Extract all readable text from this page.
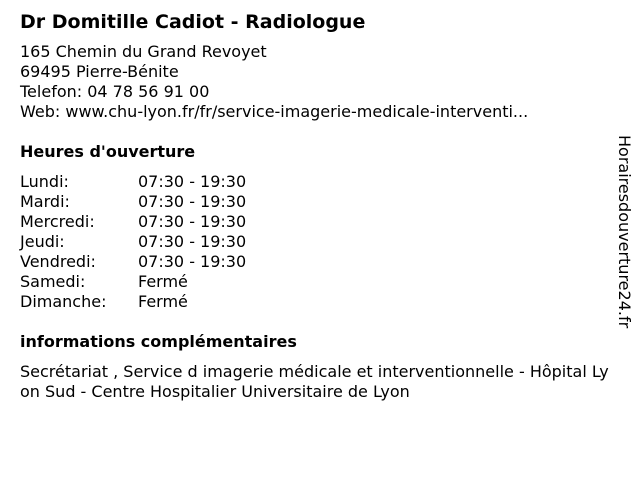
Dr Domitille Cadiot - Radiologue
165 Chemin du Grand Revoyet
69495 Pierre-Bénite
Telefon: 04 78 56 91 00
Web: www.chu-lyon.fr/fr/service-imagerie-medicale-interventi...
Heures d'ouverture
Lundi:	07:30 - 19:30
Mardi:	07:30 - 19:30
Mercredi:	07:30 - 19:30
Jeudi:	07:30 - 19:30
Vendredi:	07:30 - 19:30
Samedi:	Fermé
Dimanche:	Fermé
informations complémentaires
Secrétariat , Service d imagerie médicale et interventionnelle - Hôpital Lyon Sud - Centre Hospitalier Universitaire de Lyon
Horairesdouverture24.fr
